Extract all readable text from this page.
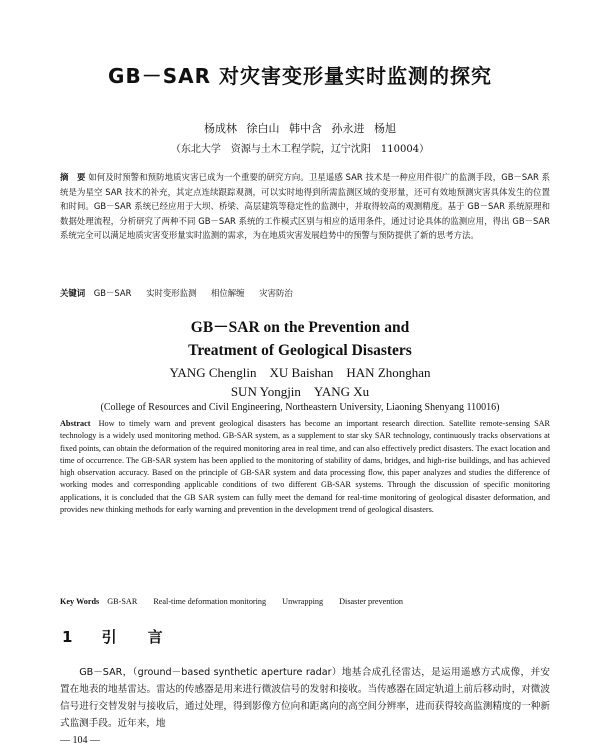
GB－SAR 对灾害变形量实时监测的探究
杨成林 徐白山 韩中含 孙永进 杨旭
（东北大学　资源与土木工程学院，辽宁沈阳　110004）
摘　要 如何及时预警和预防地质灾害已成为一个重要的研究方向。卫星遥感 SAR 技术是一种应用件很广的监测手段，GB－SAR 系统是为星空 SAR 技术的补充，其定点连续跟踪观测，可以实时地得到所需监测区域的变形量，还可有效地预测灾害具体发生的位置和时间。GB－SAR 系统已经应用于大坝、桥梁、高层建筑等稳定性的监测中，并取得较高的观测精度。基于 GB－SAR 系统原理和数据处理流程，分析研究了两种不同 GB－SAR 系统的工作模式区别与相应的适用条件，通过讨论具体的监测应用，得出 GB－SAR 系统完全可以满足地质灾害变形量实时监测的需求，为在地质灾害发展趋势中的预警与预防提供了新的思考方法。
关键词 GB－SAR 实时变形监测 相位解缠 灾害防治
GB－SAR on the Prevention and
Treatment of Geological Disasters
YANG Chenglin　XU Baishan　HAN Zhonghan
SUN Yongjin　YANG Xu
(College of Resources and Civil Engineering, Northeastern University, Liaoning Shenyang 110016)
Abstract How to timely warn and prevent geological disasters has become an important research direction. Satellite remote-sensing SAR technology is a widely used monitoring method. GB-SAR system, as a supplement to star sky SAR technology, continuously tracks observations at fixed points, can obtain the deformation of the required monitoring area in real time, and can also effectively predict disasters. The exact location and time of occurrence. The GB-SAR system has been applied to the monitoring of stability of dams, bridges, and high-rise buildings, and has achieved high observation accuracy. Based on the principle of GB-SAR system and data processing flow, this paper analyzes and studies the difference of working modes and corresponding applicable conditions of two different GB-SAR systems. Through the discussion of specific monitoring applications, it is concluded that the GB SAR system can fully meet the demand for real-time monitoring of geological disaster deformation, and provides new thinking methods for early warning and prevention in the development trend of geological disasters.
Key Words GB-SAR Real-time deformation monitoring Unwrapping Disaster prevention
1 引　言
GB－SAR，（ground－based synthetic aperture radar）地基合成孔径雷达，是运用遥感方式成像，并安置在地表的地基雷达。雷达的传感器是用来进行微波信号的发射和接收。当传感器在固定轨道上前后移动时，对微波信号进行交替发射与接收后，通过处理，得到影像方位向和距离向的高空间分辨率，进而获得较高监测精度的一种新式监测手段。近年来，地
— 104 —
